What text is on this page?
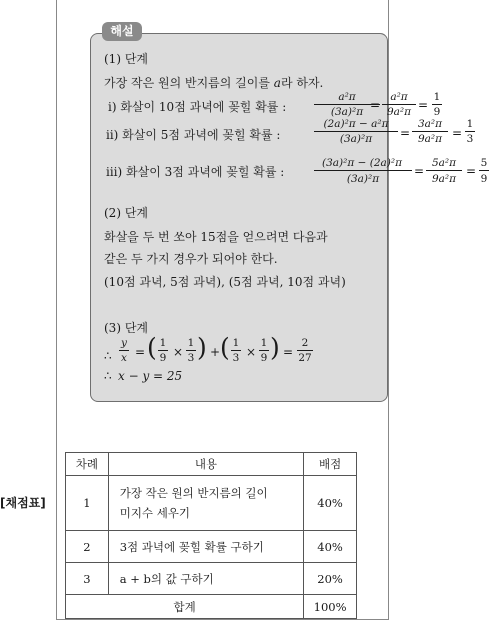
해설
(1) 단계
가장 작은 원의 반지름의 길이를 a라 하자.
ⅰ) 화살이 10점 과녁에 꽂힐 확률 :
a²π
(3a)²π =
a²π
9a²π =
1
9
ⅱ) 화살이 5점 과녁에 꽂힐 확률 :
(2a)²π − a²π
(3a)²π	=
3a²π
9a²π =
1
3
ⅲ) 화살이 3점 과녁에 꽂힐 확률 :
(3a)²π − (2a)²π
(3a)²π
=
5a²π
9a²π
=
5
9
(2) 단계
화살을 두 번 쏘아 15점을 얻으려면 다음과
같은 두 가지 경우가 되어야 한다.
(10점 과녁, 5점 과녁), (5점 과녁, 10점 과녁)
(3) 단계
∴
y
x = ( 1
9 ×
1
3 ) + ( 1
3 ×
1
9 ) =
2
27
∴ x − y = 25
[채점표]
차례	내용	배점
1	가장 작은 원의 반지름의 길이
미지수 세우기	40%
2	3점 과녁에 꽂힐 확률 구하기	40%
3	a + b의 값 구하기	20%
합계		100%
